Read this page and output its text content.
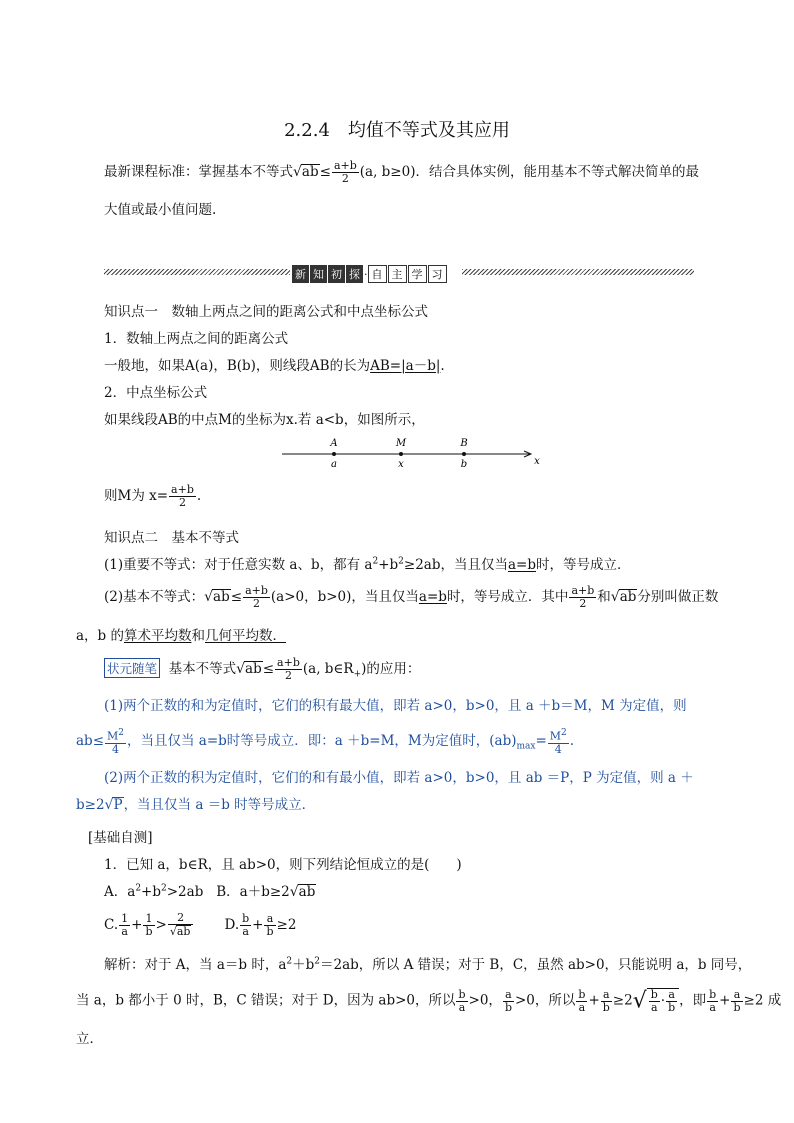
2.2.4　均值不等式及其应用
最新课程标准：掌握基本不等式$√ab\le \frac{a+b}{2} (a$, b≥0)．结合具体实例，能用基本不等式解决简单的最
大值或最小值问题.
新 知 初 探 · 自 主 学 习
知识点一　数轴上两点之间的距离公式和中点坐标公式
1．数轴上两点之间的距离公式
一般地，如果A(a)，B(b)，则线段AB的长为AB=|a－b|.
2．中点坐标公式
如果线段AB的中点M的坐标为x.若 a<b，如图所示，
A	M	B
a	x	b	x
则M为 $x= \frac{a+b}{2}$ .
知识点二　基本不等式
(1)重要不等式：对于任意实数 a、b，都有 $a^2+b^2\ge 2ab$，当且仅当a=b时，等号成立．
(2)基本不等式：$√ab\le \frac{a+b}{2} (a>0$，b>0)，当且仅当a=b时，等号成立．其中 $\frac{a+b}{2}$ 和√ab分别叫做正数
a，b 的算术平均数和几何平均数．
状元随笔 基本不等式$√ab\le \frac{a+b}{2} (a$, $b\in R_+$)的应用：
(1)两个正数的和为定值时，它们的积有最大值，即若 a>0，b>0，且 a ＋b＝M，M 为定值，则
$ab\le \frac{M^2}{4}$ ，当且仅当 a=b时等号成立．即：a ＋b=M，M为定值时，$(ab)_{max}= \frac{M^2}{4}$ .
(2)两个正数的积为定值时，它们的和有最小值，即若 a>0，b>0，且 ab ＝P，P 为定值，则 a ＋
b≥2√P，当且仅当 a ＝b 时等号成立．
[基础自测]
1．已知 a，b∈R，且 ab>0，则下列结论恒成立的是(　　)
A．$a^2+b^2>2ab$ B．a＋b≥2√ab
C. $\frac{1}{a} + \frac{1}{b} > \frac{2}{√ab} D$. $\frac{b}{a} + \frac{a}{b} \ge 2$
解析：对于 A，当 a＝b 时，$a^2+b^2=2ab$，所以 A 错误；对于 B，C，虽然 ab>0，只能说明 a，b 同号，
当 a，b 都小于 0 时，B，C 错误；对于 D，因为 ab>0，所以 $\frac{b}{a} >0$， $\frac{a}{b} >0$，所以 $\frac{b}{a} + \frac{a}{b} \ge 2√ \frac{b}{a} \cdot \frac{a}{b}$ ，即 $\frac{b}{a} + \frac{a}{b} \ge 2$ 成
立．
